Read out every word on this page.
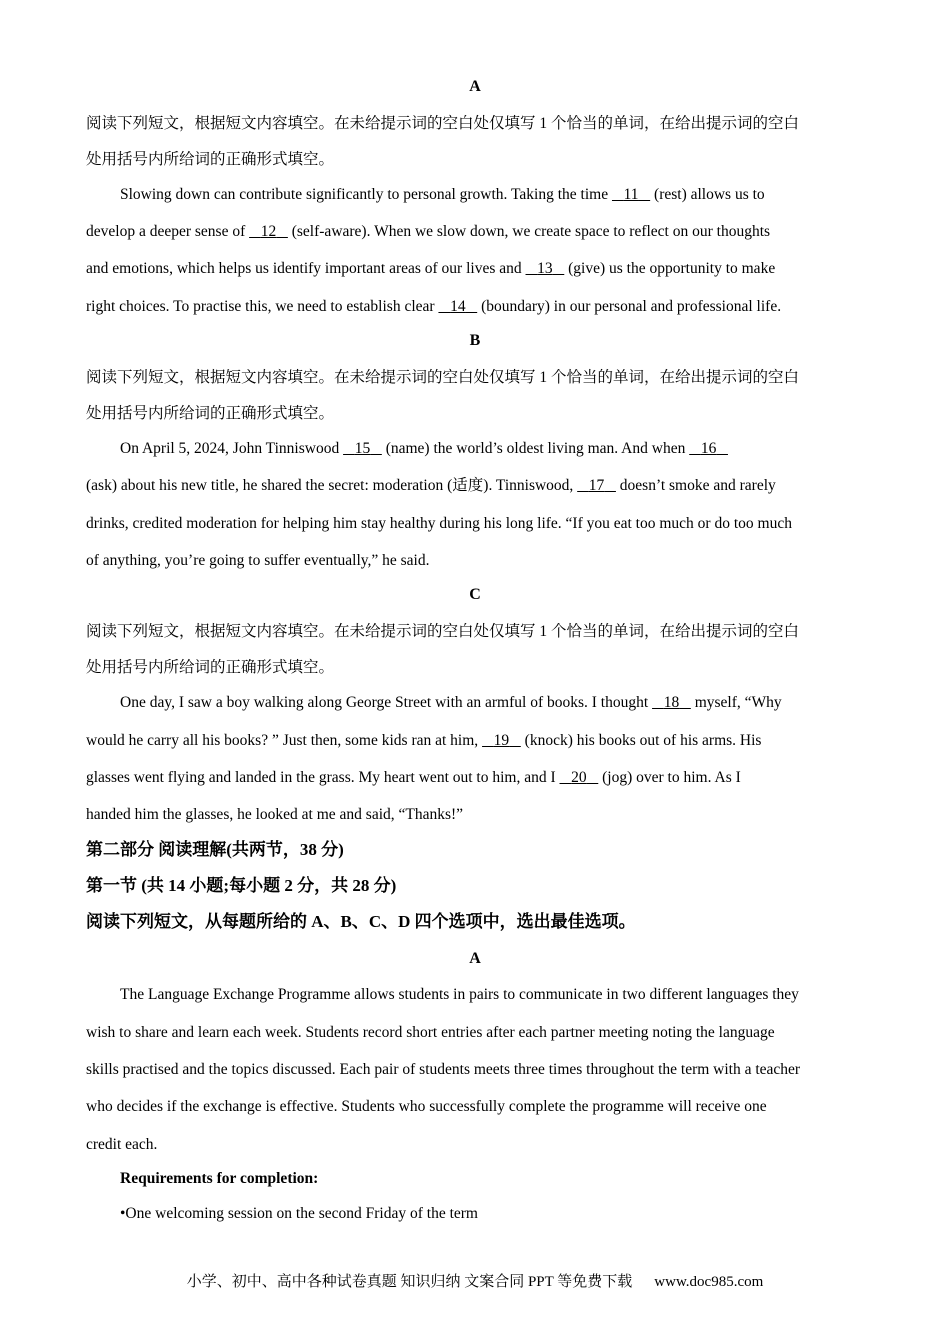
A
阅读下列短文，根据短文内容填空。在未给提示词的空白处仅填写 1 个恰当的单词，在给出提示词的空白
处用括号内所给词的正确形式填空。
Slowing down can contribute significantly to personal growth. Taking the time    11    (rest) allows us to
develop a deeper sense of    12    (self-aware). When we slow down, we create space to reflect on our thoughts
and emotions, which helps us identify important areas of our lives and    13    (give) us the opportunity to make
right choices. To practise this, we need to establish clear    14    (boundary) in our personal and professional life.
B
阅读下列短文，根据短文内容填空。在未给提示词的空白处仅填写 1 个恰当的单词，在给出提示词的空白
处用括号内所给词的正确形式填空。
On April 5, 2024, John Tinniswood    15    (name) the world’s oldest living man. And when    16
(ask) about his new title, he shared the secret: moderation (适度). Tinniswood,    17    doesn’t smoke and rarely
drinks, credited moderation for helping him stay healthy during his long life. “If you eat too much or do too much
of anything, you’re going to suffer eventually,” he said.
C
阅读下列短文，根据短文内容填空。在未给提示词的空白处仅填写 1 个恰当的单词，在给出提示词的空白
处用括号内所给词的正确形式填空。
One day, I saw a boy walking along George Street with an armful of books. I thought    18    myself, “Why
would he carry all his books? ” Just then, some kids ran at him,    19    (knock) his books out of his arms. His
glasses went flying and landed in the grass. My heart went out to him, and I    20    (jog) over to him. As I
handed him the glasses, he looked at me and said, “Thanks!”
第二部分 阅读理解(共两节，38 分)
第一节 (共 14 小题;每小题 2 分，共 28 分)
阅读下列短文，从每题所给的 A、B、C、D 四个选项中，选出最佳选项。
A
The Language Exchange Programme allows students in pairs to communicate in two different languages they
wish to share and learn each week. Students record short entries after each partner meeting noting the language
skills practised and the topics discussed. Each pair of students meets three times throughout the term with a teacher
who decides if the exchange is effective. Students who successfully complete the programme will receive one
credit each.
Requirements for completion:
•One welcoming session on the second Friday of the term
小学、初中、高中各种试卷真题 知识归纳 文案合同 PPT 等免费下载 www.doc985.com
